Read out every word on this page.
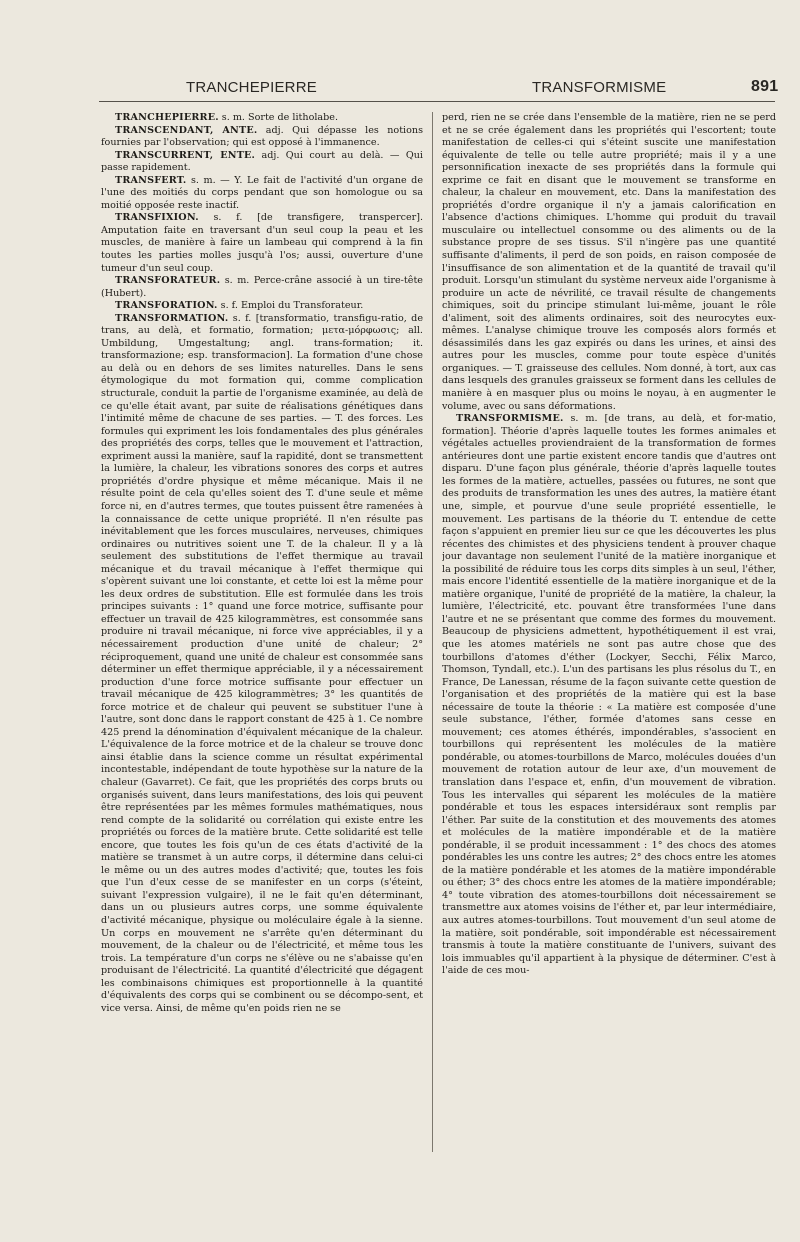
TRANCHEPIERRE	TRANSFORMISME	891

TRANCHEPIERRE. s. m. Sorte de litholabe.

TRANSCENDANT, ANTE. adj. Qui dépasse les notions fournies par l'observation; qui est opposé à l'immanence.

TRANSCURRENT, ENTE. adj. Qui court au delà. — Qui passe rapidement.

TRANSFERT. s. m. — Y. Le fait de l'activité d'un organe de l'une des moitiés du corps pendant que son homologue ou sa moitié opposée reste inactif.

TRANSFIXION. s. f. [de transfigere, transpercer]. Amputation faite en traversant d'un seul coup la peau et les muscles, de manière à faire un lambeau qui comprend à la fin toutes les parties molles jusqu'à l'os; aussi, ouverture d'une tumeur d'un seul coup.

TRANSFORATEUR. s. m. Perce-crâne associé à un tire-tête (Hubert).

TRANSFORATION. s. f. Emploi du Transforateur.

TRANSFORMATION. s. f. [transformatio, transfigu-ratio, de trans, au delà, et formatio, formation; μετα-μόρφωσις; all. Umbildung, Umgestaltung; angl. trans-formation; it. transformazione; esp. transformacion]. La formation d'une chose au delà ou en dehors de ses limites naturelles. Dans le sens étymologique du mot formation qui, comme complication structurale, conduit la partie de l'organisme examinée, au delà de ce qu'elle était avant, par suite de réalisations génétiques dans l'intimité même de chacune de ses parties. — T. des forces. Les formules qui expriment les lois fondamentales des plus générales des propriétés des corps, telles que le mouvement et l'attraction, expriment aussi la manière, sauf la rapidité, dont se transmettent la lumière, la chaleur, les vibrations sonores des corps et autres propriétés d'ordre physique et même mécanique. Mais il ne résulte point de cela qu'elles soient des T. d'une seule et même force ni, en d'autres termes, que toutes puissent être ramenées à la connaissance de cette unique propriété. Il n'en résulte pas inévitablement que les forces musculaires, nerveuses, chimiques ordinaires ou nutritives soient une T. de la chaleur. Il y a là seulement des substitutions de l'effet thermique au travail mécanique et du travail mécanique à l'effet thermique qui s'opèrent suivant une loi constante, et cette loi est la même pour les deux ordres de substitution. Elle est formulée dans les trois principes suivants : 1° quand une force motrice, suffisante pour effectuer un travail de 425 kilogrammètres, est consommée sans produire ni travail mécanique, ni force vive appréciables, il y a nécessairement production d'une unité de chaleur; 2° réciproquement, quand une unité de chaleur est consommée sans déterminer un effet thermique appréciable, il y a nécessairement production d'une force motrice suffisante pour effectuer un travail mécanique de 425 kilogrammètres; 3° les quantités de force motrice et de chaleur qui peuvent se substituer l'une à l'autre, sont donc dans le rapport constant de 425 à 1. Ce nombre 425 prend la dénomination d'équivalent mécanique de la chaleur. L'équivalence de la force motrice et de la chaleur se trouve donc ainsi établie dans la science comme un résultat expérimental incontestable, indépendant de toute hypothèse sur la nature de la chaleur (Gavarret). Ce fait, que les propriétés des corps bruts ou organisés suivent, dans leurs manifestations, des lois qui peuvent être représentées par les mêmes formules mathématiques, nous rend compte de la solidarité ou corrélation qui existe entre les propriétés ou forces de la matière brute. Cette solidarité est telle encore, que toutes les fois qu'un de ces états d'activité de la matière se transmet à un autre corps, il détermine dans celui-ci le même ou un des autres modes d'activité; que, toutes les fois que l'un d'eux cesse de se manifester en un corps (s'éteint, suivant l'expression vulgaire), il ne le fait qu'en déterminant, dans un ou plusieurs autres corps, une somme équivalente d'activité mécanique, physique ou moléculaire égale à la sienne. Un corps en mouvement ne s'arrête qu'en déterminant du mouvement, de la chaleur ou de l'électricité, et même tous les trois. La température d'un corps ne s'élève ou ne s'abaisse qu'en produisant de l'électricité. La quantité d'électricité que dégagent les combinaisons chimiques est proportionnelle à la quantité d'équivalents des corps qui se combinent ou se décompo-sent, et vice versa. Ainsi, de même qu'en poids rien ne se

perd, rien ne se crée dans l'ensemble de la matière, rien ne se perd et ne se crée également dans les propriétés qui l'escortent; toute manifestation de celles-ci qui s'éteint suscite une manifestation équivalente de telle ou telle autre propriété; mais il y a une personnification inexacte de ses propriétés dans la formule qui exprime ce fait en disant que le mouvement se transforme en chaleur, la chaleur en mouvement, etc. Dans la manifestation des propriétés d'ordre organique il n'y a jamais calorification en l'absence d'actions chimiques. L'homme qui produit du travail musculaire ou intellectuel consomme ou des aliments ou de la substance propre de ses tissus. S'il n'ingère pas une quantité suffisante d'aliments, il perd de son poids, en raison composée de l'insuffisance de son alimentation et de la quantité de travail qu'il produit. Lorsqu'un stimulant du système nerveux aide l'organisme à produire un acte de névrilité, ce travail résulte de changements chimiques, soit du principe stimulant lui-même, jouant le rôle d'aliment, soit des aliments ordinaires, soit des neurocytes eux-mêmes. L'analyse chimique trouve les composés alors formés et désassimilés dans les gaz expirés ou dans les urines, et ainsi des autres pour les muscles, comme pour toute espèce d'unités organiques. — T. graisseuse des cellules. Nom donné, à tort, aux cas dans lesquels des granules graisseux se forment dans les cellules de manière à en masquer plus ou moins le noyau, à en augmenter le volume, avec ou sans déformations.

TRANSFORMISME. s. m. [de trans, au delà, et for-matio, formation]. Théorie d'après laquelle toutes les formes animales et végétales actuelles proviendraient de la transformation de formes antérieures dont une partie existent encore tandis que d'autres ont disparu. D'une façon plus générale, théorie d'après laquelle toutes les formes de la matière, actuelles, passées ou futures, ne sont que des produits de transformation les unes des autres, la matière étant une, simple, et pourvue d'une seule propriété essentielle, le mouvement. Les partisans de la théorie du T. entendue de cette façon s'appuient en premier lieu sur ce que les découvertes les plus récentes des chimistes et des physiciens tendent à prouver chaque jour davantage non seulement l'unité de la matière inorganique et la possibilité de réduire tous les corps dits simples à un seul, l'éther, mais encore l'identité essentielle de la matière inorganique et de la matière organique, l'unité de propriété de la matière, la chaleur, la lumière, l'électricité, etc. pouvant être transformées l'une dans l'autre et ne se présentant que comme des formes du mouvement. Beaucoup de physiciens admettent, hypothétiquement il est vrai, que les atomes matériels ne sont pas autre chose que des tourbillons d'atomes d'éther (Lockyer, Secchi, Félix Marco, Thomson, Tyndall, etc.). L'un des partisans les plus résolus du T., en France, De Lanessan, résume de la façon suivante cette question de l'organisation et des propriétés de la matière qui est la base nécessaire de toute la théorie : « La matière est composée d'une seule substance, l'éther, formée d'atomes sans cesse en mouvement; ces atomes éthérés, impondérables, s'associent en tourbillons qui représentent les molécules de la matière pondérable, ou atomes-tourbillons de Marco, molécules douées d'un mouvement de rotation autour de leur axe, d'un mouvement de translation dans l'espace et, enfin, d'un mouvement de vibration. Tous les intervalles qui séparent les molécules de la matière pondérable et tous les espaces intersidéraux sont remplis par l'éther. Par suite de la constitution et des mouvements des atomes et molécules de la matière impondérable et de la matière pondérable, il se produit incessamment : 1° des chocs des atomes pondérables les uns contre les autres; 2° des chocs entre les atomes de la matière pondérable et les atomes de la matière impondérable ou éther; 3° des chocs entre les atomes de la matière impondérable; 4° toute vibration des atomes-tourbillons doit nécessairement se transmettre aux atomes voisins de l'éther et, par leur intermédiaire, aux autres atomes-tourbillons. Tout mouvement d'un seul atome de la matière, soit pondérable, soit impondérable est nécessairement transmis à toute la matière constituante de l'univers, suivant des lois immuables qu'il appartient à la physique de déterminer. C'est à l'aide de ces mou-
